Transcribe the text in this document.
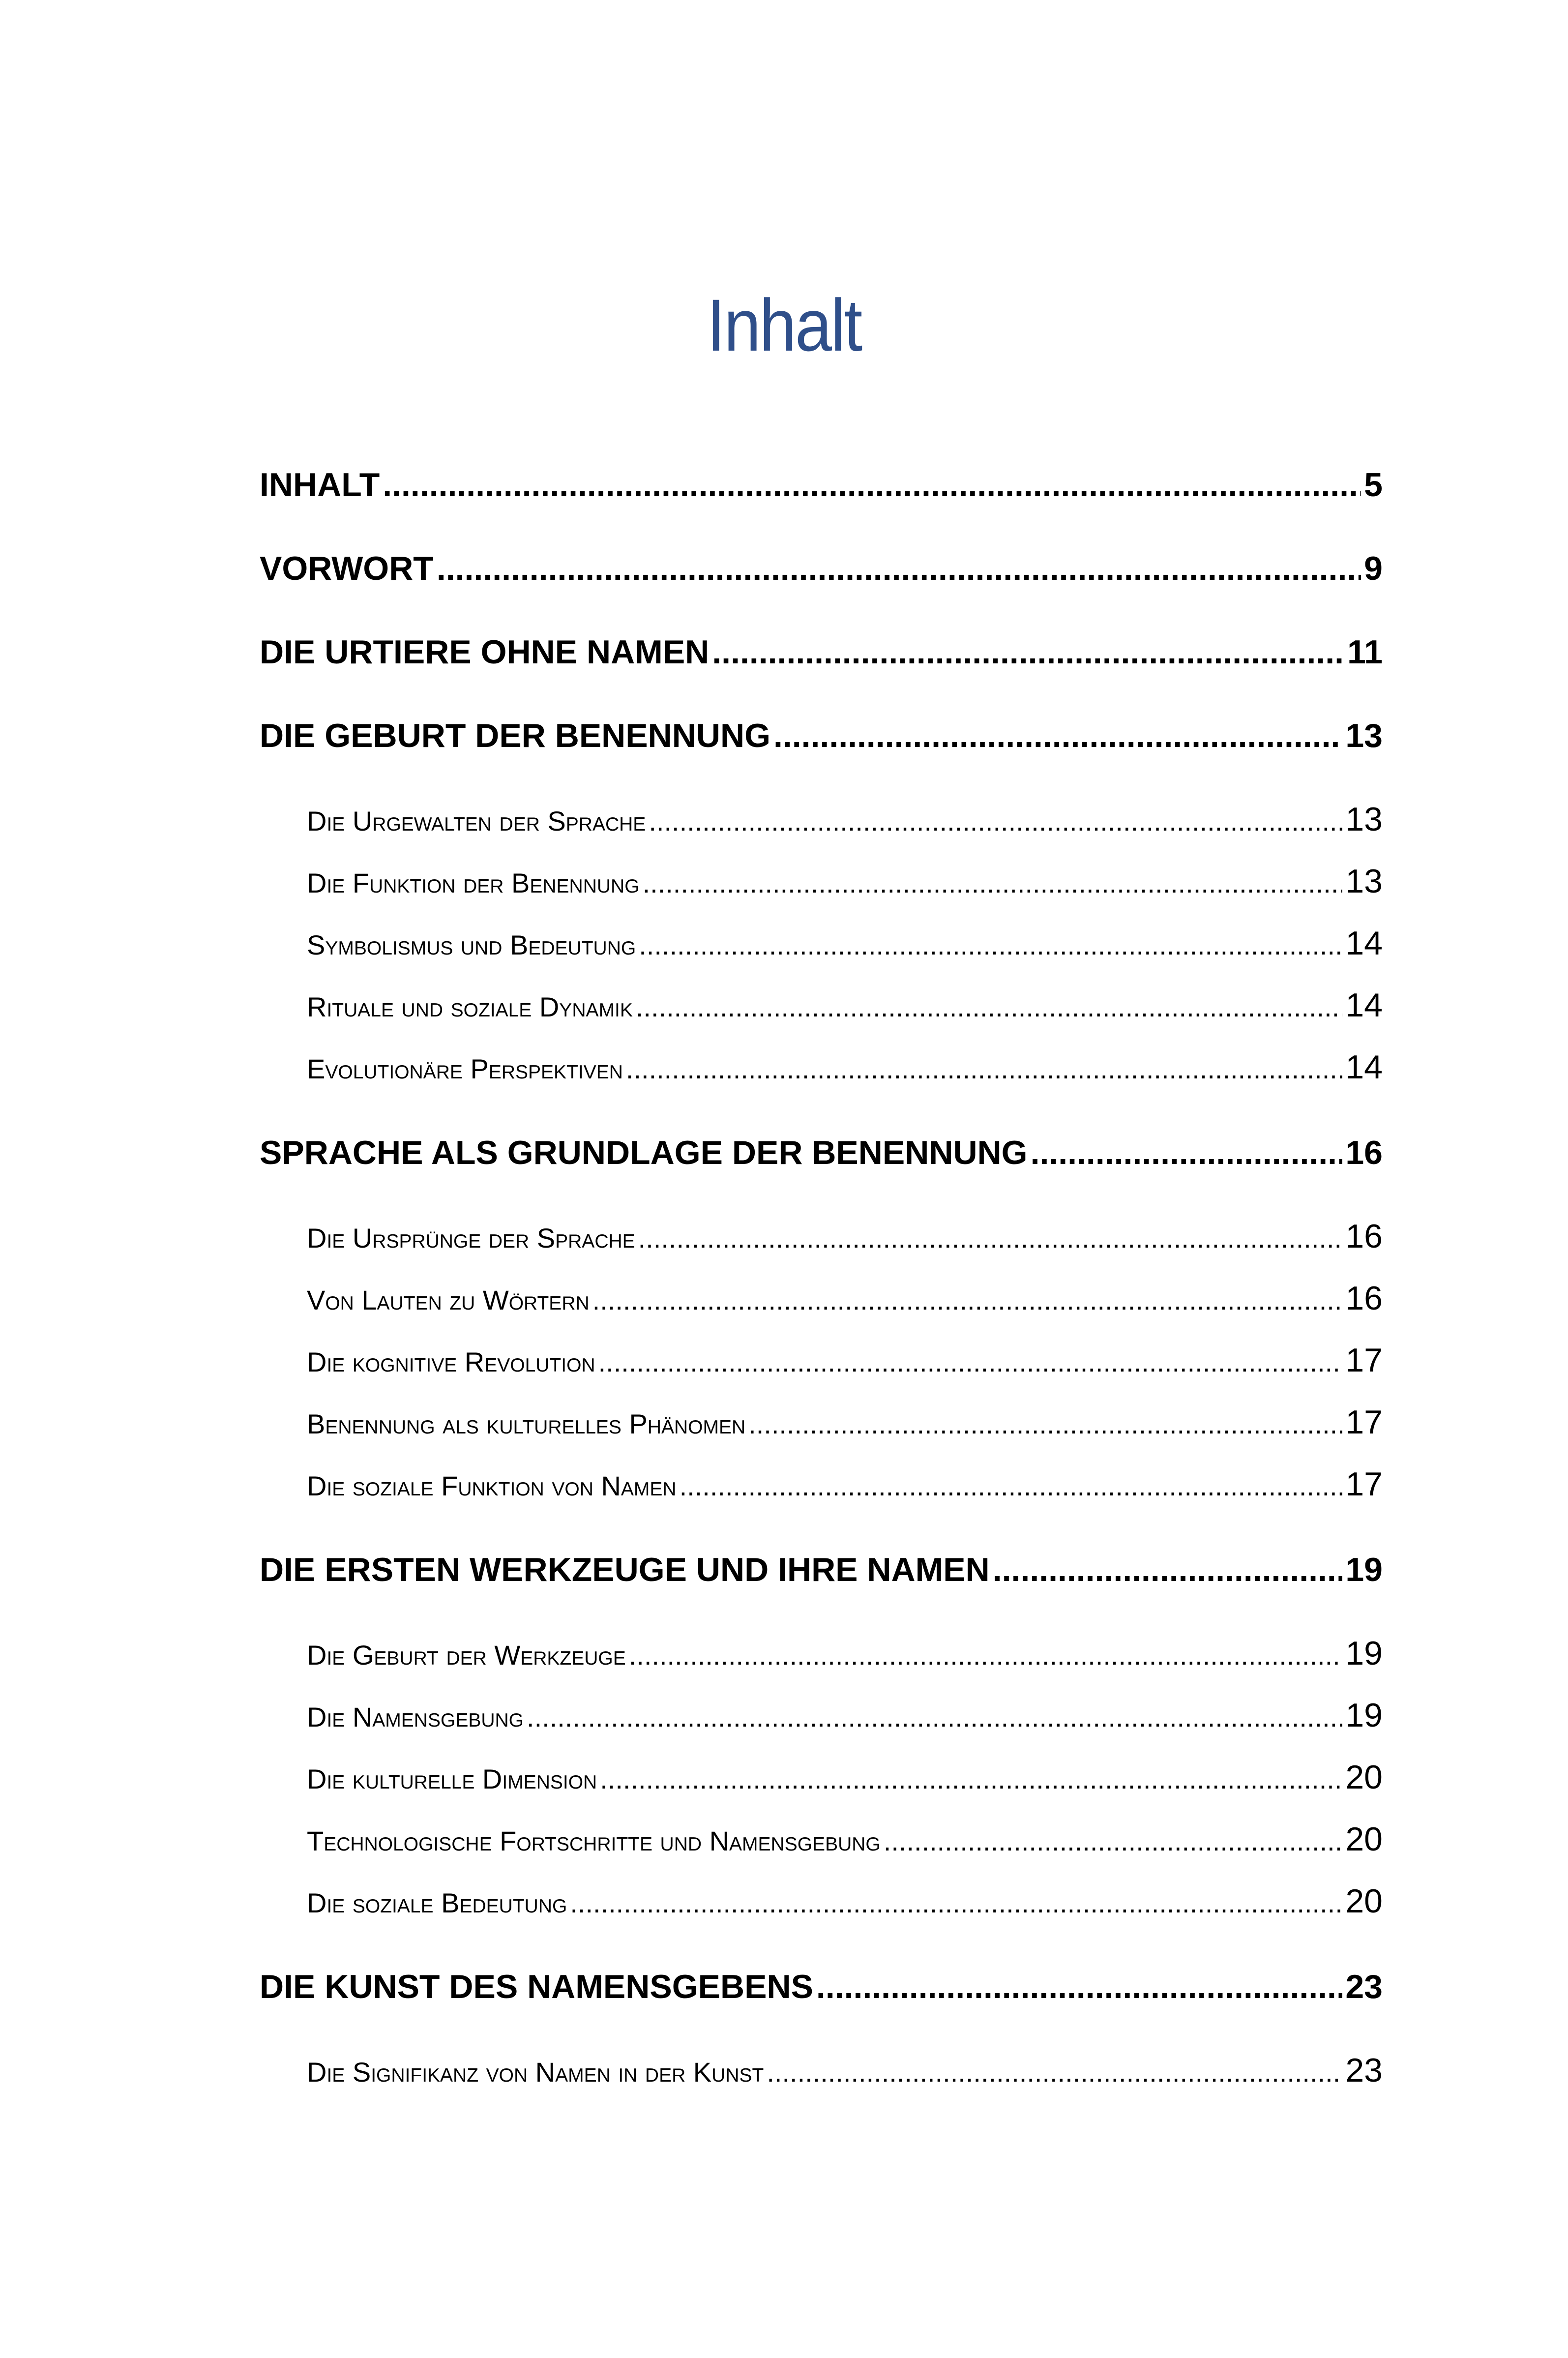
Inhalt
INHALT .....	5
VORWORT .....	9
DIE URTIERE OHNE NAMEN .....	11
DIE GEBURT DER BENENNUNG .....	13
Die Urgewalten der Sprache .....	13
Die Funktion der Benennung .....	13
Symbolismus und Bedeutung .....	14
Rituale und soziale Dynamik .....	14
Evolutionäre Perspektiven .....	14
SPRACHE ALS GRUNDLAGE DER BENENNUNG .....	16
Die Ursprünge der Sprache .....	16
Von Lauten zu Wörtern .....	16
Die kognitive Revolution .....	17
Benennung als kulturelles Phänomen .....	17
Die soziale Funktion von Namen .....	17
DIE ERSTEN WERKZEUGE UND IHRE NAMEN .....	19
Die Geburt der Werkzeuge .....	19
Die Namensgebung .....	19
Die kulturelle Dimension .....	20
Technologische Fortschritte und Namensgebung .....	20
Die soziale Bedeutung .....	20
DIE KUNST DES NAMENSGEBENS .....	23
Die Signifikanz von Namen in der Kunst .....	23
